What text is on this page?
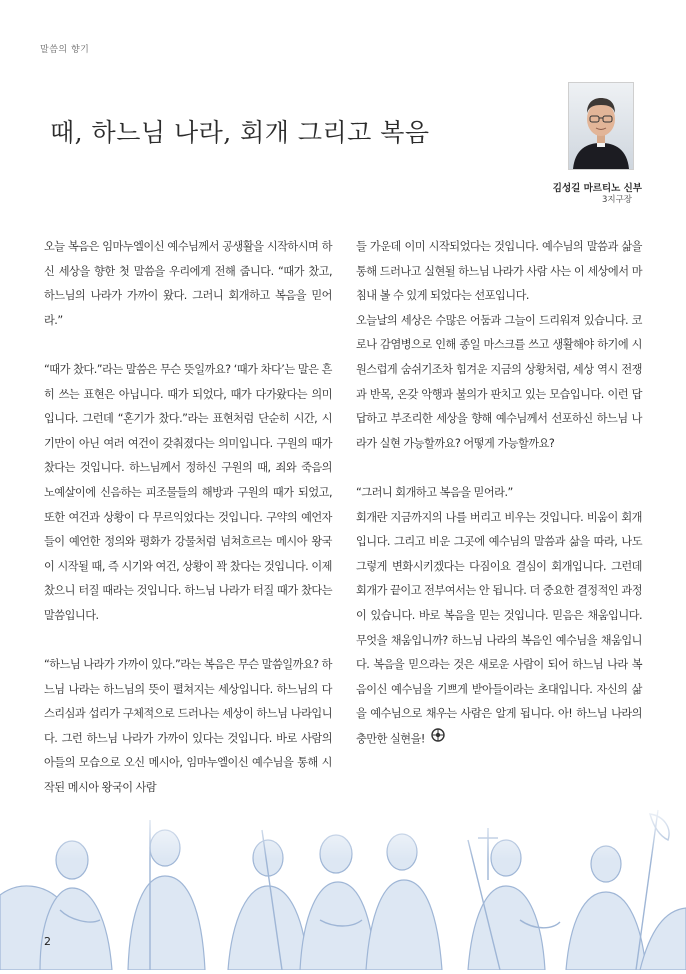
말씀의 향기
때, 하느님 나라, 회개 그리고 복음
김성길 마르티노 신부
3지구장

오늘 복음은 임마누엘이신 예수님께서 공생활을 시작하시며 하신 세상을 향한 첫 말씀을 우리에게 전해 줍니다. “때가 찼고, 하느님의 나라가 가까이 왔다. 그러니 회개하고 복음을 믿어라.”

“때가 찼다.”라는 말씀은 무슨 뜻일까요? ‘때가 차다’는 말은 흔히 쓰는 표현은 아닙니다. 때가 되었다, 때가 다가왔다는 의미입니다. 그런데 “혼기가 찼다.”라는 표현처럼 단순히 시간, 시기만이 아닌 여러 여건이 갖춰졌다는 의미입니다. 구원의 때가 찼다는 것입니다. 하느님께서 정하신 구원의 때, 죄와 죽음의 노예살이에 신음하는 피조물들의 해방과 구원의 때가 되었고, 또한 여건과 상황이 다 무르익었다는 것입니다. 구약의 예언자들이 예언한 정의와 평화가 강물처럼 넘쳐흐르는 메시아 왕국이 시작될 때, 즉 시기와 여건, 상황이 꽉 찼다는 것입니다. 이제 찼으니 터질 때라는 것입니다. 하느님 나라가 터질 때가 찼다는 말씀입니다.

“하느님 나라가 가까이 있다.”라는 복음은 무슨 말씀일까요? 하느님 나라는 하느님의 뜻이 펼쳐지는 세상입니다. 하느님의 다스리심과 섭리가 구체적으로 드러나는 세상이 하느님 나라입니다. 그런 하느님 나라가 가까이 있다는 것입니다. 바로 사람의 아들의 모습으로 오신 메시아, 임마누엘이신 예수님을 통해 시작된 메시아 왕국이 사람

들 가운데 이미 시작되었다는 것입니다. 예수님의 말씀과 삶을 통해 드러나고 실현될 하느님 나라가 사람 사는 이 세상에서 마침내 볼 수 있게 되었다는 선포입니다.

오늘날의 세상은 수많은 어둠과 그늘이 드리워져 있습니다. 코로나 감염병으로 인해 종일 마스크를 쓰고 생활해야 하기에 시원스럽게 숨쉬기조차 힘겨운 지금의 상황처럼, 세상 역시 전쟁과 반목, 온갖 악행과 불의가 판치고 있는 모습입니다. 이런 답답하고 부조리한 세상을 향해 예수님께서 선포하신 하느님 나라가 실현 가능할까요? 어떻게 가능할까요?

“그러니 회개하고 복음을 믿어라.”

회개란 지금까지의 나를 버리고 비우는 것입니다. 비움이 회개입니다. 그리고 비운 그곳에 예수님의 말씀과 삶을 따라, 나도 그렇게 변화시키겠다는 다짐이요 결심이 회개입니다. 그런데 회개가 끝이고 전부여서는 안 됩니다. 더 중요한 결정적인 과정이 있습니다. 바로 복음을 믿는 것입니다. 믿음은 채움입니다. 무엇을 채움입니까? 하느님 나라의 복음인 예수님을 채움입니다. 복음을 믿으라는 것은 새로운 사람이 되어 하느님 나라 복음이신 예수님을 기쁘게 받아들이라는 초대입니다. 자신의 삶을 예수님으로 채우는 사람은 알게 됩니다. 아! 하느님 나라의 충만한 실현을!

2
